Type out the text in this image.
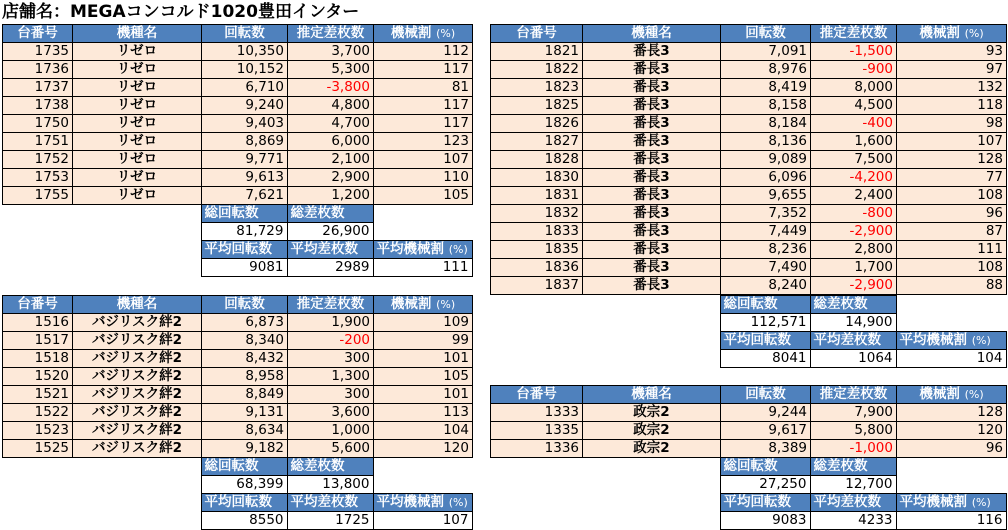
店舗名：MEGAコンコルド1020豊田インター
台番号	機種名	回転数	推定差枚数	機械割 (%)
1735	リゼロ	10,350	3,700	112
1736	リゼロ	10,152	5,300	117
1737	リゼロ	6,710	-3,800	81
1738	リゼロ	9,240	4,800	117
1750	リゼロ	9,403	4,700	117
1751	リゼロ	8,869	6,000	123
1752	リゼロ	9,771	2,100	107
1753	リゼロ	9,613	2,900	110
1755	リゼロ	7,621	1,200	105
	総回転数	総差枚数	
	81,729	26,900	
	平均回転数	平均差枚数	平均機械割 (%)
	9081	2989	111
台番号	機種名	回転数	推定差枚数	機械割 (%)
1516	バジリスク絆2	6,873	1,900	109
1517	バジリスク絆2	8,340	-200	99
1518	バジリスク絆2	8,432	300	101
1520	バジリスク絆2	8,958	1,300	105
1521	バジリスク絆2	8,849	300	101
1522	バジリスク絆2	9,131	3,600	113
1523	バジリスク絆2	8,634	1,000	104
1525	バジリスク絆2	9,182	5,600	120
	総回転数	総差枚数	
	68,399	13,800	
	平均回転数	平均差枚数	平均機械割 (%)
	8550	1725	107
台番号	機種名	回転数	推定差枚数	機械割 (%)
1821	番長3	7,091	-1,500	93
1822	番長3	8,976	-900	97
1823	番長3	8,419	8,000	132
1825	番長3	8,158	4,500	118
1826	番長3	8,184	-400	98
1827	番長3	8,136	1,600	107
1828	番長3	9,089	7,500	128
1830	番長3	6,096	-4,200	77
1831	番長3	9,655	2,400	108
1832	番長3	7,352	-800	96
1833	番長3	7,449	-2,900	87
1835	番長3	8,236	2,800	111
1836	番長3	7,490	1,700	108
1837	番長3	8,240	-2,900	88
	総回転数	総差枚数	
	112,571	14,900	
	平均回転数	平均差枚数	平均機械割 (%)
	8041	1064	104
台番号	機種名	回転数	推定差枚数	機械割 (%)
1333	政宗2	9,244	7,900	128
1335	政宗2	9,617	5,800	120
1336	政宗2	8,389	-1,000	96
	総回転数	総差枚数	
	27,250	12,700	
	平均回転数	平均差枚数	平均機械割 (%)
	9083	4233	116
